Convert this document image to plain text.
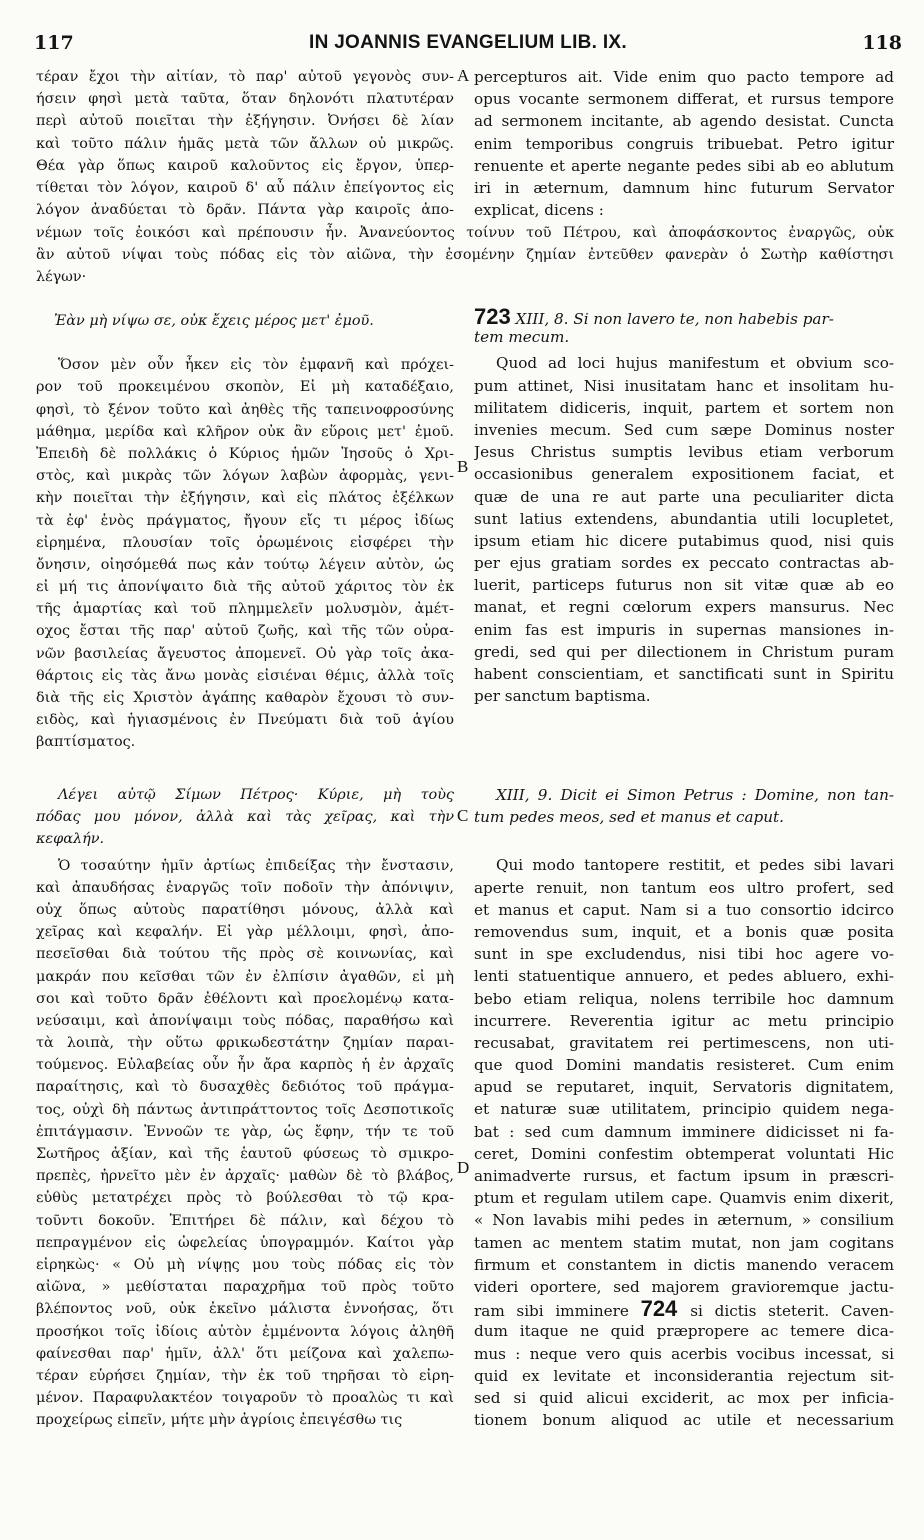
117	IN JOANNIS EVANGELIUM LIB. IX.	118
τέραν ἔχοι τὴν αἰτίαν, τὸ παρ' αὐτοῦ γεγονὸς συν-
ήσειν φησὶ μετὰ ταῦτα, ὅταν δηλονότι πλατυτέραν
περὶ αὐτοῦ ποιεῖται τὴν ἐξήγησιν. Ὀνήσει δὲ λίαν
καὶ τοῦτο πάλιν ἡμᾶς μετὰ τῶν ἄλλων οὐ μικρῶς.
Θέα γὰρ ὅπως καιροῦ καλοῦντος εἰς ἔργον, ὑπερ-
τίθεται τὸν λόγον, καιροῦ δ' αὖ πάλιν ἐπείγοντος εἰς
λόγον ἀναδύεται τὸ δρᾶν. Πάντα γὰρ καιροῖς ἀπο-
percepturos ait. Vide enim quo pacto tempore ad
opus vocante sermonem differat, et rursus tempore
ad sermonem incitante, ab agendo desistat. Cuncta
enim temporibus congruis tribuebat. Petro igitur
renuente et aperte negante pedes sibi ab eo ablutum
iri in æternum, damnum hinc futurum Servator
explicat, dicens :
A
νέμων τοῖς ἐοικόσι καὶ πρέπουσιν ἦν. Ἀνανεύοντος τοίνυν τοῦ Πέτρου, καὶ ἀποφάσκοντος ἐναργῶς, οὐκ
ἂν αὐτοῦ νίψαι τοὺς πόδας εἰς τὸν αἰῶνα, τὴν ἐσομένην ζημίαν ἐντεῦθεν φανερὰν ὁ Σωτὴρ καθίστησι
λέγων·
Ἐὰν μὴ νίψω σε, οὐκ ἔχεις μέρος μετ' ἐμοῦ.
Ὅσον μὲν οὖν ἧκεν εἰς τὸν ἐμφανῆ καὶ πρόχει-
ρον τοῦ προκειμένου σκοπὸν, Εἰ μὴ καταδέξαιο,
φησὶ, τὸ ξένον τοῦτο καὶ ἀηθὲς τῆς ταπεινοφροσύνης
μάθημα, μερίδα καὶ κλῆρον οὐκ ἂν εὕροις μετ' ἐμοῦ.
Ἐπειδὴ δὲ πολλάκις ὁ Κύριος ἡμῶν Ἰησοῦς ὁ Χρι-
στὸς, καὶ μικρὰς τῶν λόγων λαβὼν ἀφορμὰς, γενι-
κὴν ποιεῖται τὴν ἐξήγησιν, καὶ εἰς πλάτος ἐξέλκων
τὰ ἐφ' ἑνὸς πράγματος, ἤγουν εἴς τι μέρος ἰδίως
εἰρημένα, πλουσίαν τοῖς ὁρωμένοις εἰσφέρει τὴν
ὄνησιν, οἰησόμεθά πως κἀν τούτῳ λέγειν αὐτὸν, ὡς
εἰ μή τις ἀπονίψαιτο διὰ τῆς αὐτοῦ χάριτος τὸν ἐκ
τῆς ἁμαρτίας καὶ τοῦ πλημμελεῖν μολυσμὸν, ἀμέτ-
οχος ἔσται τῆς παρ' αὐτοῦ ζωῆς, καὶ τῆς τῶν οὐρα-
νῶν βασιλείας ἄγευστος ἀπομενεῖ. Οὐ γὰρ τοῖς ἀκα-
θάρτοις εἰς τὰς ἄνω μονὰς εἰσιέναι θέμις, ἀλλὰ τοῖς
διὰ τῆς εἰς Χριστὸν ἀγάπης καθαρὸν ἔχουσι τὸ συν-
ειδὸς, καὶ ἡγιασμένοις ἐν Πνεύματι διὰ τοῦ ἁγίου
βαπτίσματος.
723 XIII, 8. Si non lavero te, non habebis par-
tem mecum.
Quod ad loci hujus manifestum et obvium sco-
pum attinet, Nisi inusitatam hanc et insolitam hu-
militatem didiceris, inquit, partem et sortem non
invenies mecum. Sed cum sæpe Dominus noster
Jesus Christus sumptis levibus etiam verborum
occasionibus generalem expositionem faciat, et
quæ de una re aut parte una peculiariter dicta
sunt latius extendens, abundantia utili locupletet,
ipsum etiam hic dicere putabimus quod, nisi quis
per ejus gratiam sordes ex peccato contractas ab-
luerit, particeps futurus non sit vitæ quæ ab eo
manat, et regni cœlorum expers mansurus. Nec
enim fas est impuris in supernas mansiones in-
gredi, sed qui per dilectionem in Christum puram
habent conscientiam, et sanctificati sunt in Spiritu
per sanctum baptisma.
B
Λέγει αὐτῷ Σίμων Πέτρος· Κύριε, μὴ τοὺς
πόδας μου μόνον, ἀλλὰ καὶ τὰς χεῖρας, καὶ τὴν
κεφαλήν.
Ὁ τοσαύτην ἡμῖν ἀρτίως ἐπιδείξας τὴν ἔνστασιν,
καὶ ἀπαυδήσας ἐναργῶς τοῖν ποδοῖν τὴν ἀπόνιψιν,
οὐχ ὅπως αὐτοὺς παρατίθησι μόνους, ἀλλὰ καὶ
χεῖρας καὶ κεφαλήν. Εἰ γὰρ μέλλοιμι, φησὶ, ἀπο-
πεσεῖσθαι διὰ τούτου τῆς πρὸς σὲ κοινωνίας, καὶ
μακράν που κεῖσθαι τῶν ἐν ἐλπίσιν ἀγαθῶν, εἰ μὴ
σοι καὶ τοῦτο δρᾶν ἐθέλοντι καὶ προελομένῳ κατα-
νεύσαιμι, καὶ ἀπονίψαιμι τοὺς πόδας, παραθήσω καὶ
τὰ λοιπὰ, τὴν οὕτω φρικωδεστάτην ζημίαν παραι-
τούμενος. Εὐλαβείας οὖν ἦν ἄρα καρπὸς ἡ ἐν ἀρχαῖς
παραίτησις, καὶ τὸ δυσαχθὲς δεδιότος τοῦ πράγμα-
τος, οὐχὶ δὴ πάντως ἀντιπράττοντος τοῖς Δεσποτικοῖς
ἐπιτάγμασιν. Ἐννοῶν τε γὰρ, ὡς ἔφην, τήν τε τοῦ
Σωτῆρος ἀξίαν, καὶ τῆς ἑαυτοῦ φύσεως τὸ σμικρο-
πρεπὲς, ἠρνεῖτο μὲν ἐν ἀρχαῖς· μαθὼν δὲ τὸ βλάβος,
εὐθὺς μετατρέχει πρὸς τὸ βούλεσθαι τὸ τῷ κρα-
τοῦντι δοκοῦν. Ἐπιτήρει δὲ πάλιν, καὶ δέχου τὸ
πεπραγμένον εἰς ὠφελείας ὑπογραμμόν. Καίτοι γὰρ
εἰρηκὼς· « Οὐ μὴ νίψῃς μου τοὺς πόδας εἰς τὸν
αἰῶνα, » μεθίσταται παραχρῆμα τοῦ πρὸς τοῦτο
βλέποντος νοῦ, οὐκ ἐκεῖνο μάλιστα ἐννοήσας, ὅτι
προσήκοι τοῖς ἰδίοις αὐτὸν ἐμμένοντα λόγοις ἀληθῆ
φαίνεσθαι παρ' ἡμῖν, ἀλλ' ὅτι μείζονα καὶ χαλεπω-
τέραν εὑρήσει ζημίαν, τὴν ἐκ τοῦ τηρῆσαι τὸ εἰρη-
μένον. Παραφυλακτέον τοιγαροῦν τὸ προαλὼς τι καὶ
προχείρως εἰπεῖν, μήτε μὴν ἀγρίοις ἐπειγέσθω τις
XIII, 9. Dicit ei Simon Petrus : Domine, non tan-
tum pedes meos, sed et manus et caput.
Qui modo tantopere restitit, et pedes sibi lavari
aperte renuit, non tantum eos ultro profert, sed
et manus et caput. Nam si a tuo consortio idcirco
removendus sum, inquit, et a bonis quæ posita
sunt in spe excludendus, nisi tibi hoc agere vo-
lenti statuentique annuero, et pedes abluero, exhi-
bebo etiam reliqua, nolens terribile hoc damnum
incurrere. Reverentia igitur ac metu principio
recusabat, gravitatem rei pertimescens, non uti-
que quod Domini mandatis resisteret. Cum enim
apud se reputaret, inquit, Servatoris dignitatem,
et naturæ suæ utilitatem, principio quidem nega-
bat : sed cum damnum imminere didicisset ni fa-
ceret, Domini confestim obtemperat voluntati Hic
animadverte rursus, et factum ipsum in præscri-
ptum et regulam utilem cape. Quamvis enim dixerit,
« Non lavabis mihi pedes in æternum, » consilium
tamen ac mentem statim mutat, non jam cogitans
firmum et constantem in dictis manendo veracem
videri oportere, sed majorem gravioremque jactu-
ram sibi imminere 724 si dictis steterit. Caven-
dum itaque ne quid præpropere ac temere dica-
mus : neque vero quis acerbis vocibus incessat, si
quid ex levitate et inconsiderantia rejectum sit-
sed si quid alicui exciderit, ac mox per inficia-
tionem bonum aliquod ac utile et necessarium
C
D
